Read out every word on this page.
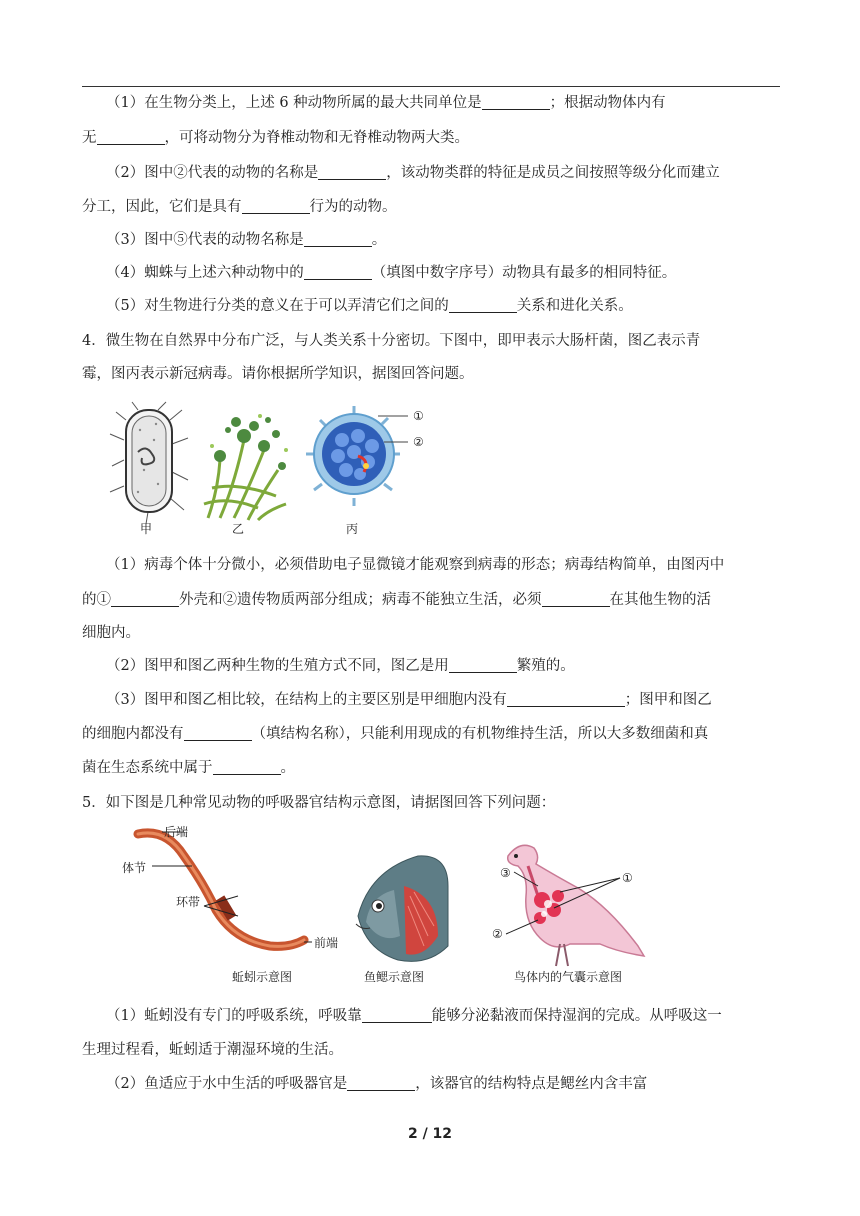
（1）在生物分类上，上述 6 种动物所属的最大共同单位是	；根据动物体内有
无	，可将动物分为脊椎动物和无脊椎动物两大类。
（2）图中②代表的动物的名称是	，该动物类群的特征是成员之间按照等级分化而建立
分工，因此，它们是具有	行为的动物。
（3）图中⑤代表的动物名称是	。
（4）蜘蛛与上述六种动物中的	（填图中数字序号）动物具有最多的相同特征。
（5）对生物进行分类的意义在于可以弄清它们之间的	关系和进化关系。
4．微生物在自然界中分布广泛，与人类关系十分密切。下图中，即甲表示大肠杆菌，图乙表示青
霉，图丙表示新冠病毒。请你根据所学知识，据图回答问题。
①
②
甲	乙	丙
（1）病毒个体十分微小，必须借助电子显微镜才能观察到病毒的形态；病毒结构简单，由图丙中
的①	外壳和②遗传物质两部分组成；病毒不能独立生活，必须	在其他生物的活
细胞内。
（2）图甲和图乙两种生物的生殖方式不同，图乙是用	繁殖的。
（3）图甲和图乙相比较，在结构上的主要区别是甲细胞内没有	；图甲和图乙
的细胞内都没有	（填结构名称），只能利用现成的有机物维持生活，所以大多数细菌和真
菌在生态系统中属于	。
5．如下图是几种常见动物的呼吸器官结构示意图，请据图回答下列问题：
后端
体节
环带
前端
蚯蚓示意图	鱼鳃示意图	鸟体内的气囊示意图
③
②
①
（1）蚯蚓没有专门的呼吸系统，呼吸靠	能够分泌黏液而保持湿润的完成。从呼吸这一
生理过程看，蚯蚓适于潮湿环境的生活。
（2）鱼适应于水中生活的呼吸器官是	，该器官的结构特点是鳃丝内含丰富
2 / 12
